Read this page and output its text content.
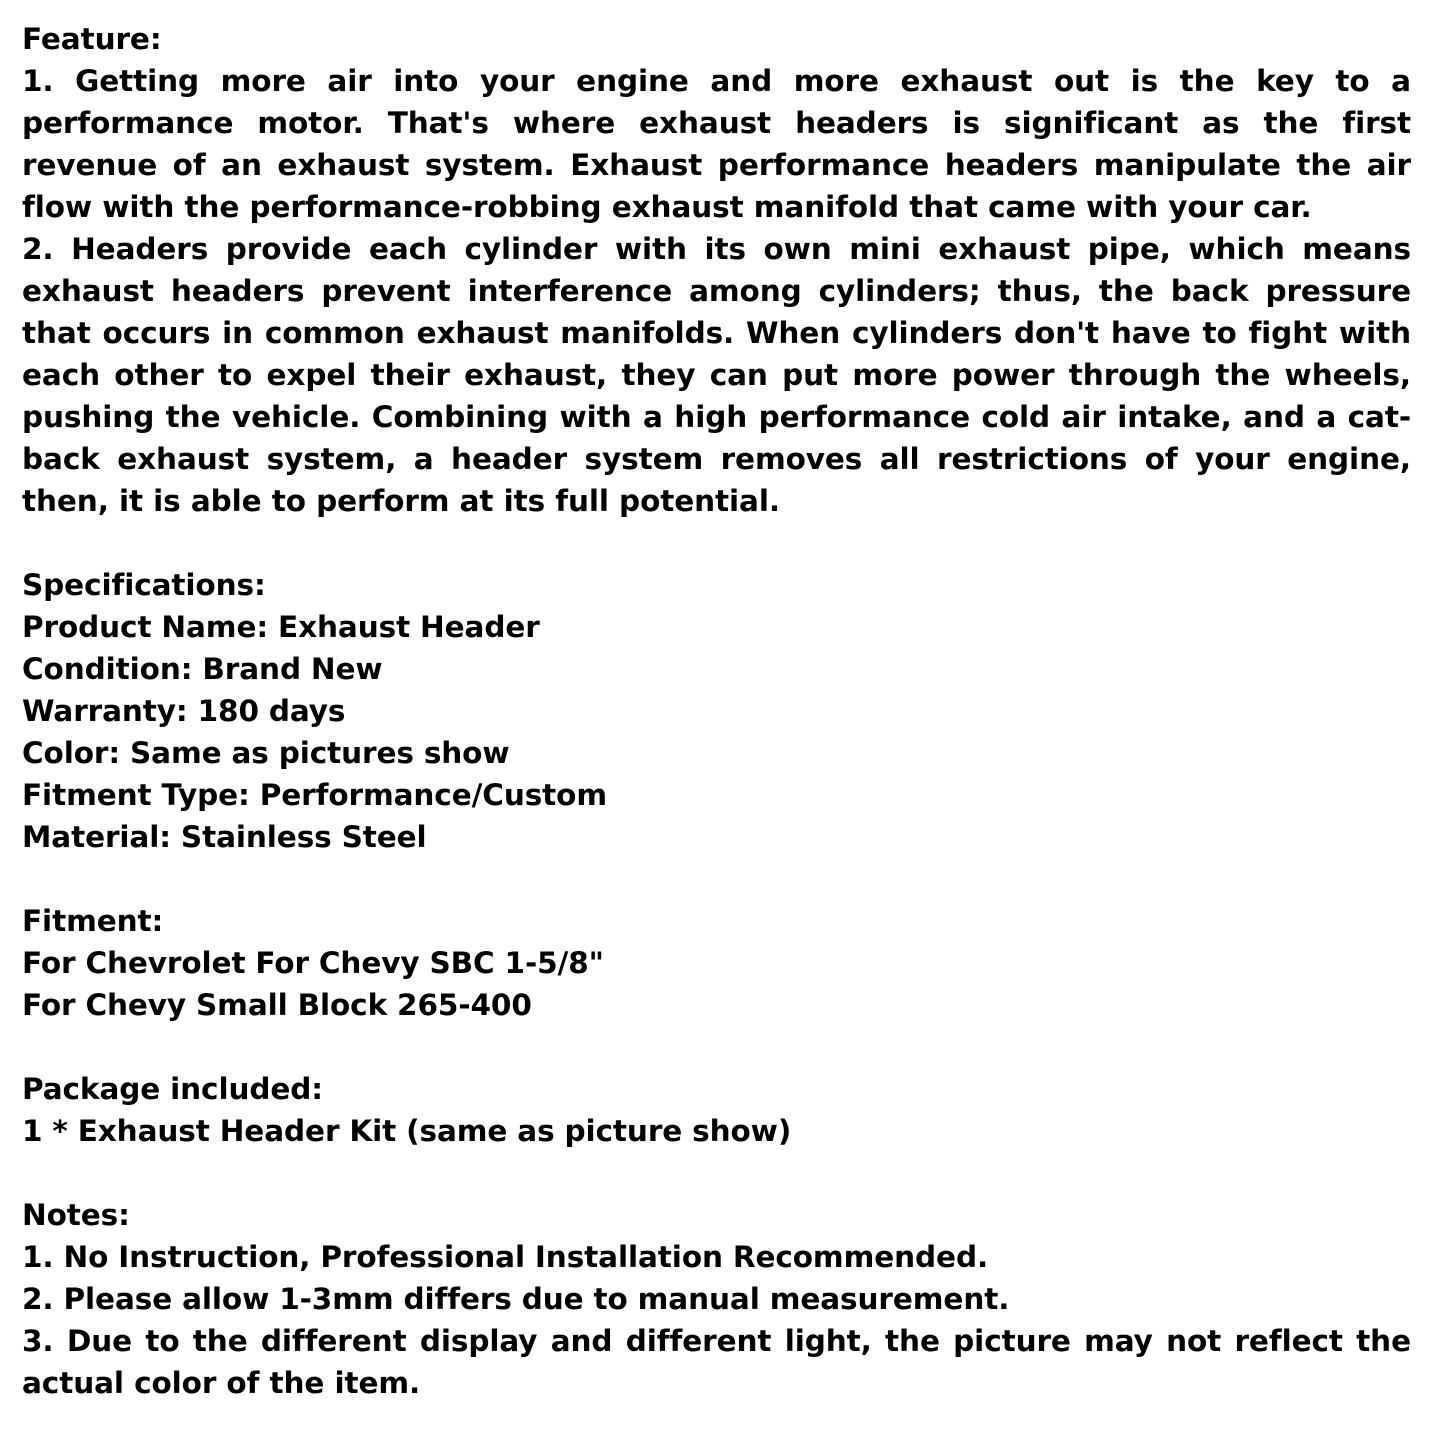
Feature:

1. Getting more air into your engine and more exhaust out is the key to a performance motor. That's where exhaust headers is significant as the first revenue of an exhaust system. Exhaust performance headers manipulate the air flow with the performance-robbing exhaust manifold that came with your car.

2. Headers provide each cylinder with its own mini exhaust pipe, which means exhaust headers prevent interference among cylinders; thus, the back pressure that occurs in common exhaust manifolds. When cylinders don't have to fight with each other to expel their exhaust, they can put more power through the wheels, pushing the vehicle. Combining with a high performance cold air intake, and a cat-back exhaust system, a header system removes all restrictions of your engine, then, it is able to perform at its full potential.

Specifications:

Product Name: Exhaust Header

Condition: Brand New

Warranty: 180 days

Color: Same as pictures show

Fitment Type: Performance/Custom

Material: Stainless Steel

Fitment:

For Chevrolet For Chevy SBC 1-5/8"

For Chevy Small Block 265-400

Package included:

1 * Exhaust Header Kit (same as picture show)

Notes:

1. No Instruction, Professional Installation Recommended.

2. Please allow 1-3mm differs due to manual measurement.

3. Due to the different display and different light, the picture may not reflect the actual color of the item.
